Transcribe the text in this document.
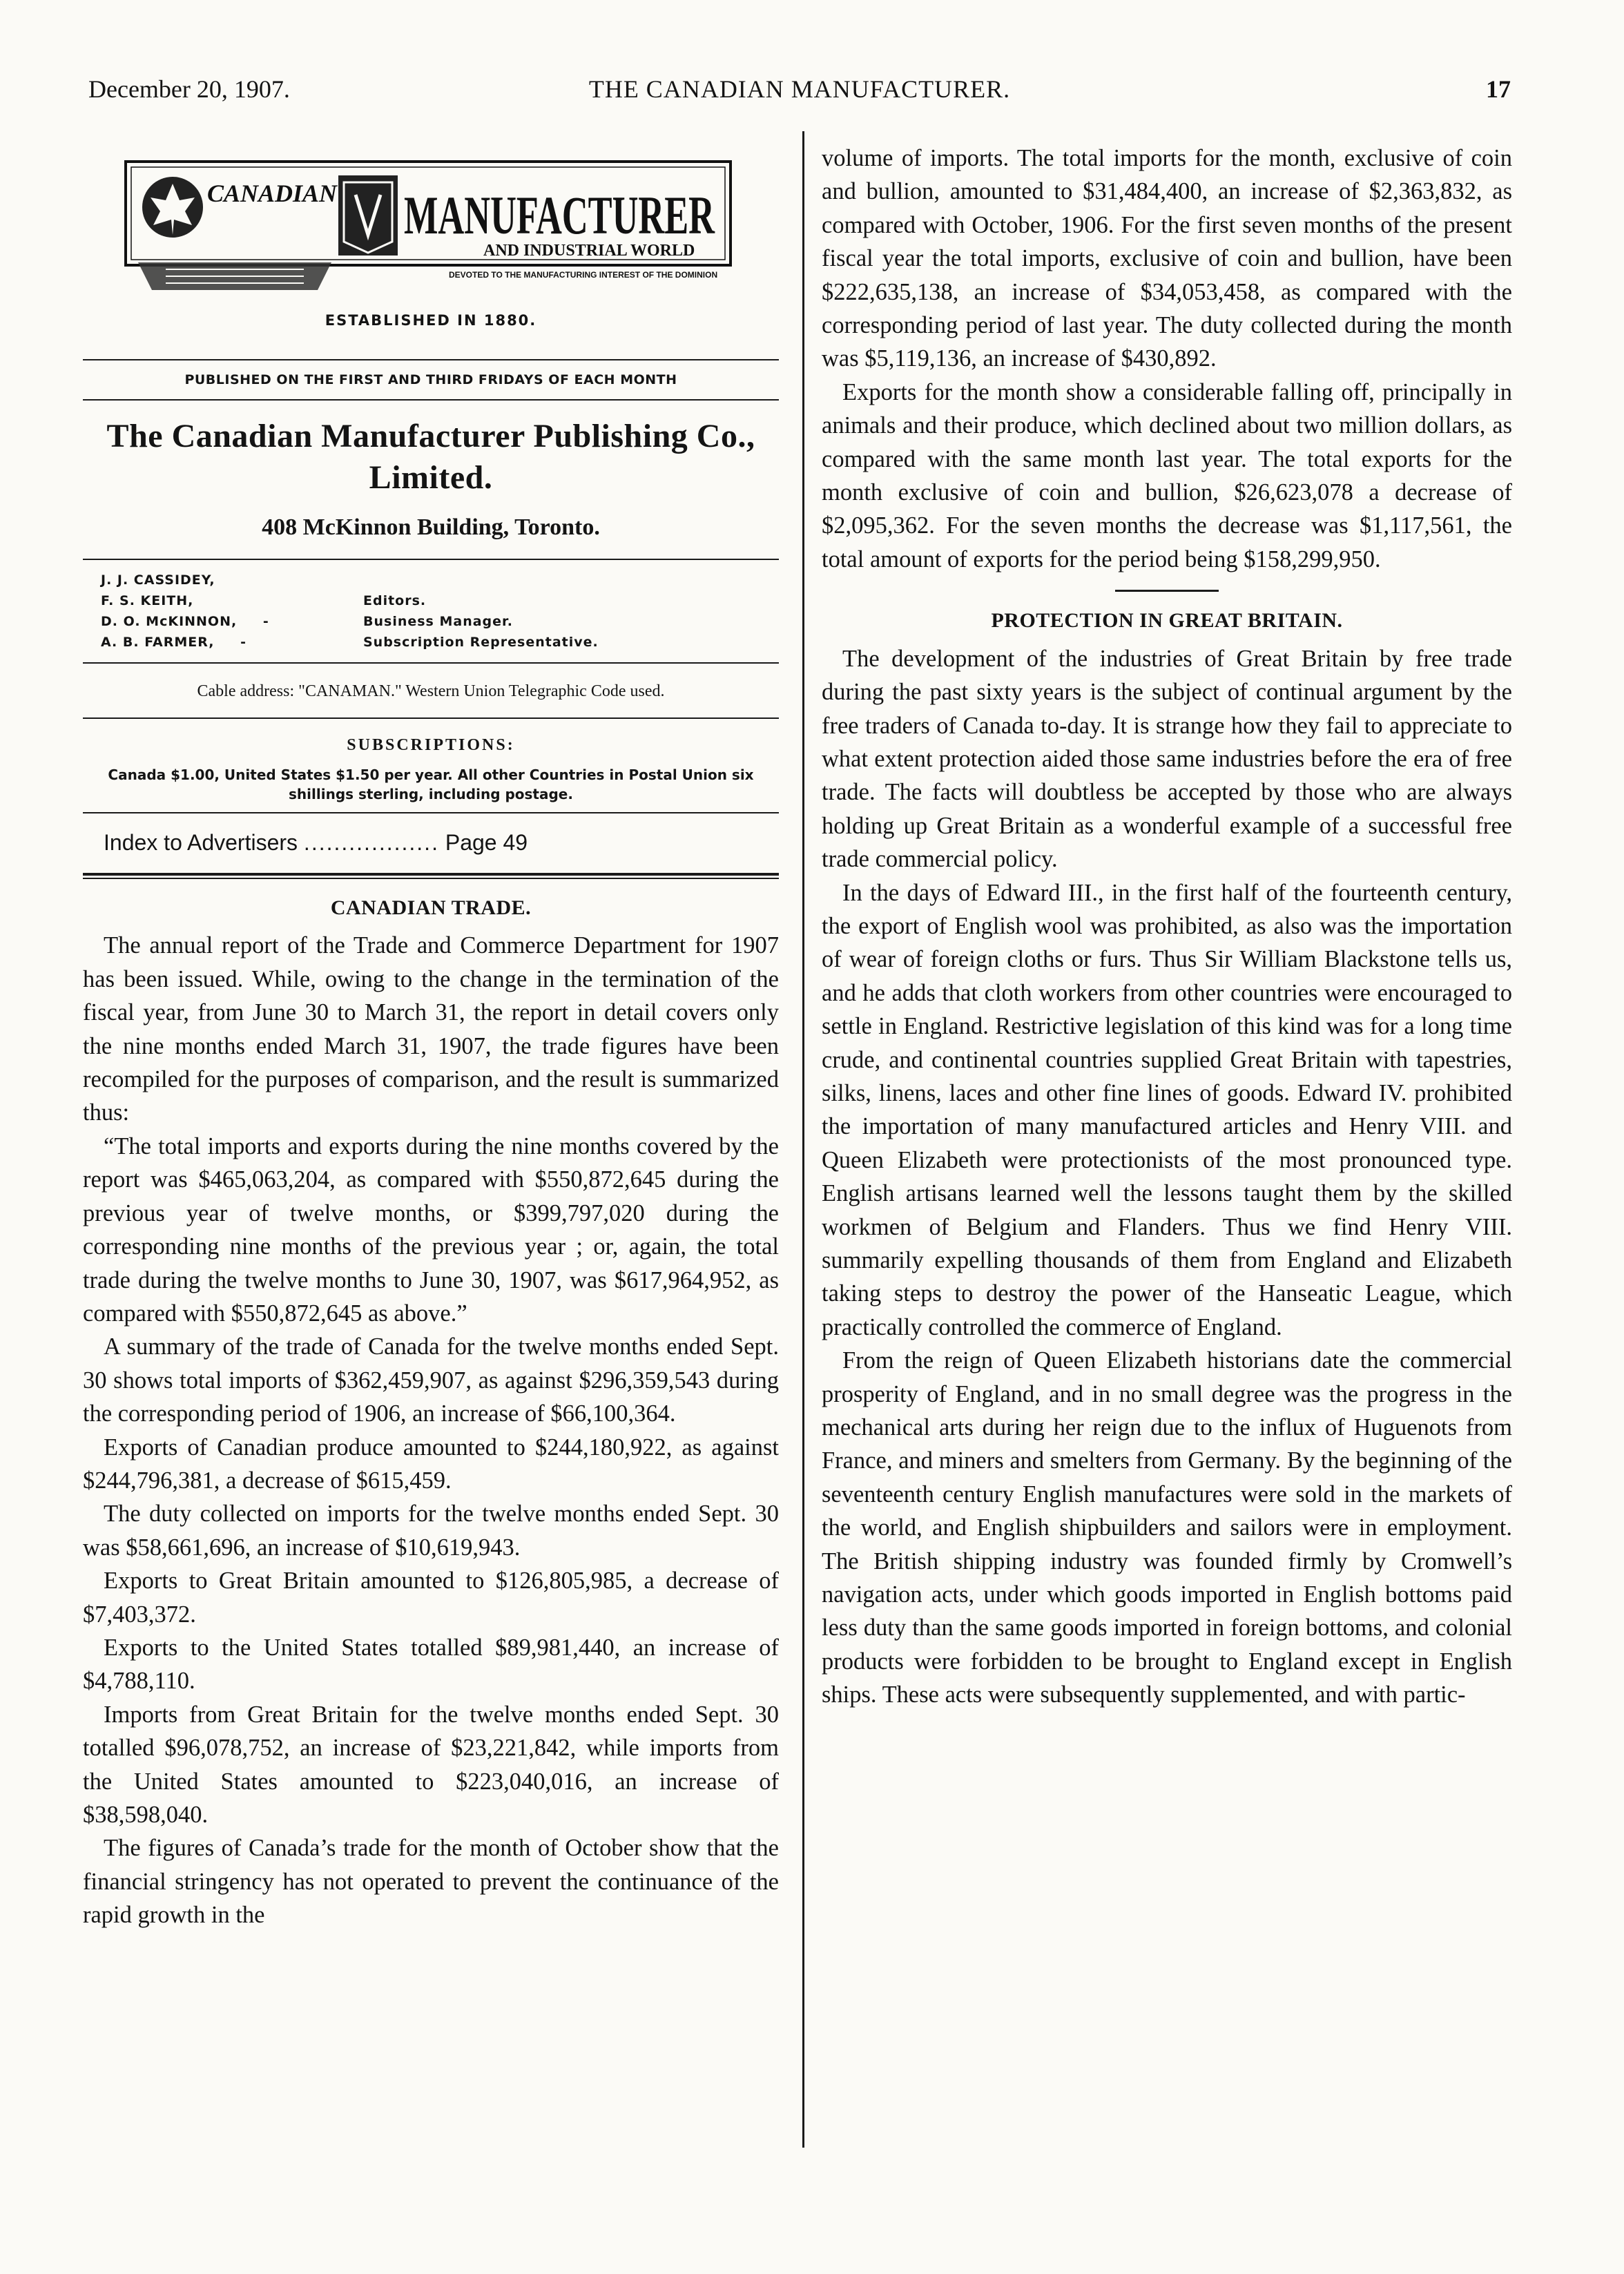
December 20, 1907.	THE CANADIAN MANUFACTURER.	17
CANADIAN MANUFACTURER
AND INDUSTRIAL WORLD
DEVOTED TO THE MANUFACTURING INTEREST OF THE DOMINION
ESTABLISHED IN 1880.
PUBLISHED ON THE FIRST AND THIRD FRIDAYS OF EACH MONTH
The Canadian Manufacturer Publishing Co., Limited.
408 McKinnon Building, Toronto.
J. J. CASSIDEY,	
F. S. KEITH,	Editors.
D. O. McKINNON, -	Business Manager.
A. B. FARMER, -	Subscription Representative.
Cable address: "CANAMAN." Western Union Telegraphic Code used.
SUBSCRIPTIONS:
Canada $1.00, United States $1.50 per year. All other Countries in Postal Union six shillings sterling, including postage.
Index to Advertisers .................. Page 49
CANADIAN TRADE.

The annual report of the Trade and Commerce Department for 1907 has been issued. While, owing to the change in the termination of the fiscal year, from June 30 to March 31, the report in detail covers only the nine months ended March 31, 1907, the trade figures have been recompiled for the purposes of comparison, and the result is summarized thus:

“The total imports and exports during the nine months covered by the report was $465,063,204, as compared with $550,872,645 during the previous year of twelve months, or $399,797,020 during the corresponding nine months of the previous year ; or, again, the total trade during the twelve months to June 30, 1907, was $617,964,952, as compared with $550,872,645 as above.”

A summary of the trade of Canada for the twelve months ended Sept. 30 shows total imports of $362,459,907, as against $296,359,543 during the corresponding period of 1906, an increase of $66,100,364.

Exports of Canadian produce amounted to $244,180,922, as against $244,796,381, a decrease of $615,459.

The duty collected on imports for the twelve months ended Sept. 30 was $58,661,696, an increase of $10,619,943.

Exports to Great Britain amounted to $126,805,985, a decrease of $7,403,372.

Exports to the United States totalled $89,981,440, an increase of $4,788,110.

Imports from Great Britain for the twelve months ended Sept. 30 totalled $96,078,752, an increase of $23,221,842, while imports from the United States amounted to $223,040,016, an increase of $38,598,040.

The figures of Canada’s trade for the month of October show that the financial stringency has not operated to prevent the continuance of the rapid growth in the

volume of imports. The total imports for the month, exclusive of coin and bullion, amounted to $31,484,400, an increase of $2,363,832, as compared with October, 1906. For the first seven months of the present fiscal year the total imports, exclusive of coin and bullion, have been $222,635,138, an increase of $34,053,458, as compared with the corresponding period of last year. The duty collected during the month was $5,119,136, an increase of $430,892.

Exports for the month show a considerable falling off, principally in animals and their produce, which declined about two million dollars, as compared with the same month last year. The total exports for the month exclusive of coin and bullion, $26,623,078 a decrease of $2,095,362. For the seven months the decrease was $1,117,561, the total amount of exports for the period being $158,299,950.

PROTECTION IN GREAT BRITAIN.

The development of the industries of Great Britain by free trade during the past sixty years is the subject of continual argument by the free traders of Canada to-day. It is strange how they fail to appreciate to what extent protection aided those same industries before the era of free trade. The facts will doubtless be accepted by those who are always holding up Great Britain as a wonderful example of a successful free trade commercial policy.

In the days of Edward III., in the first half of the fourteenth century, the export of English wool was prohibited, as also was the importation of wear of foreign cloths or furs. Thus Sir William Blackstone tells us, and he adds that cloth workers from other countries were encouraged to settle in England. Restrictive legislation of this kind was for a long time crude, and continental countries supplied Great Britain with tapestries, silks, linens, laces and other fine lines of goods. Edward IV. prohibited the importation of many manufactured articles and Henry VIII. and Queen Elizabeth were protectionists of the most pronounced type. English artisans learned well the lessons taught them by the skilled workmen of Belgium and Flanders. Thus we find Henry VIII. summarily expelling thousands of them from England and Elizabeth taking steps to destroy the power of the Hanseatic League, which practically controlled the commerce of England.

From the reign of Queen Elizabeth historians date the commercial prosperity of England, and in no small degree was the progress in the mechanical arts during her reign due to the influx of Huguenots from France, and miners and smelters from Germany. By the beginning of the seventeenth century English manufactures were sold in the markets of the world, and English shipbuilders and sailors were in employment. The British shipping industry was founded firmly by Cromwell’s navigation acts, under which goods imported in English bottoms paid less duty than the same goods imported in foreign bottoms, and colonial products were forbidden to be brought to England except in English ships. These acts were subsequently supplemented, and with partic-
